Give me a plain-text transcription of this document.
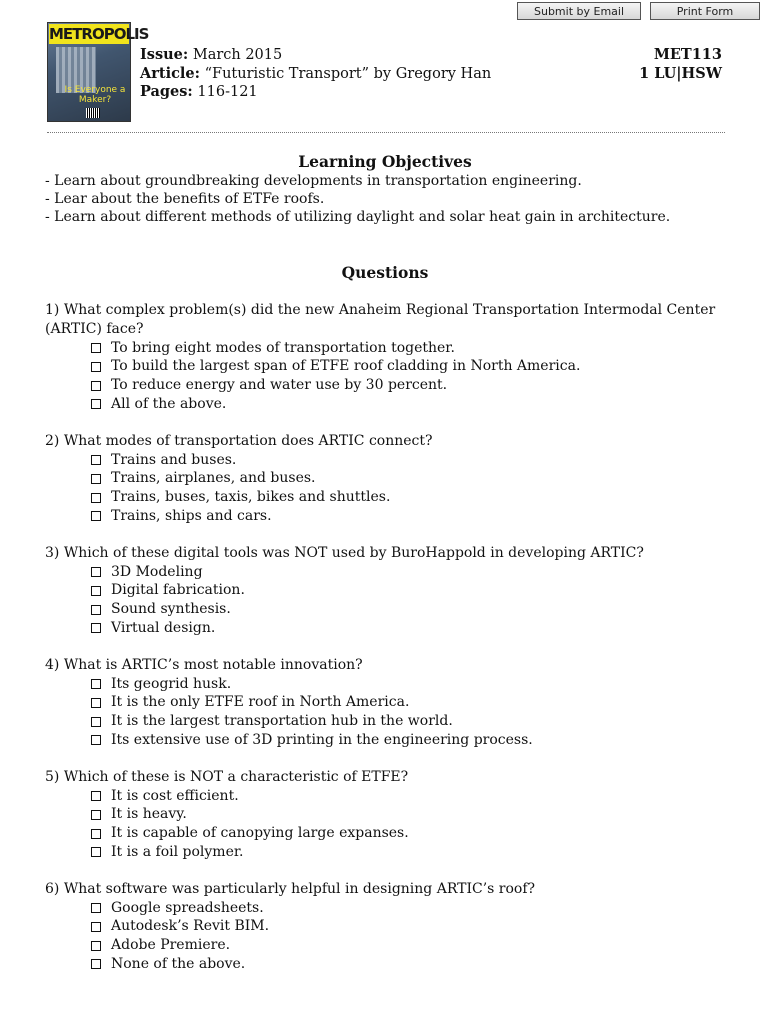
Submit by Email	Print Form
METROPOLIS
Is Everyone a Maker?
Issue: March 2015
Article: “Futuristic Transport” by Gregory Han
Pages: 116-121
MET113
1 LU|HSW
Learning Objectives
- Learn about groundbreaking developments in transportation engineering.
- Lear about the benefits of ETFe roofs.
- Learn about different methods of utilizing daylight and solar heat gain in architecture.
Questions
1) What complex problem(s) did the new Anaheim Regional Transportation Intermodal Center (ARTIC) face?
To bring eight modes of transportation together.
To build the largest span of ETFE roof cladding in North America.
To reduce energy and water use by 30 percent.
All of the above.
2) What modes of transportation does ARTIC connect?
Trains and buses.
Trains, airplanes, and buses.
Trains, buses, taxis, bikes and shuttles.
Trains, ships and cars.
3) Which of these digital tools was NOT used by BuroHappold in developing ARTIC?
3D Modeling
Digital fabrication.
Sound synthesis.
Virtual design.
4) What is ARTIC’s most notable innovation?
Its geogrid husk.
It is the only ETFE roof in North America.
It is the largest transportation hub in the world.
Its extensive use of 3D printing in the engineering process.
5) Which of these is NOT a characteristic of ETFE?
It is cost efficient.
It is heavy.
It is capable of canopying large expanses.
It is a foil polymer.
6) What software was particularly helpful in designing ARTIC’s roof?
Google spreadsheets.
Autodesk’s Revit BIM.
Adobe Premiere.
None of the above.
